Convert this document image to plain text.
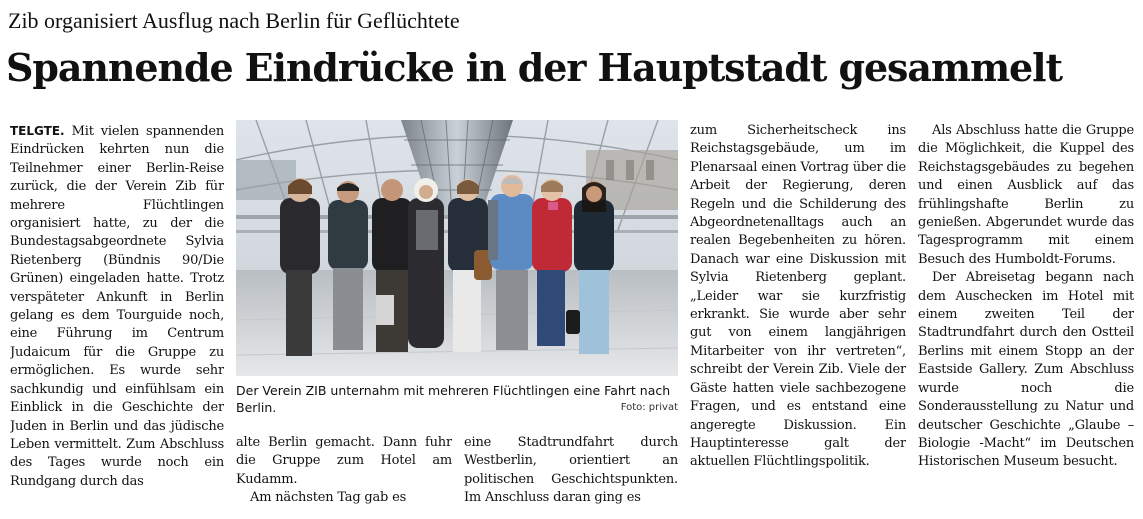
Zib organisiert Ausflug nach Berlin für Geflüchtete
Spannende Eindrücke in der Hauptstadt gesammelt

TELGTE. Mit vielen spannenden Eindrücken kehrten nun die Teilnehmer einer Berlin-Reise zurück, die der Verein Zib für mehrere Flüchtlingen organisiert hatte, zu der die Bundestagsabgeordnete Sylvia Rietenberg (Bündnis 90/Die Grünen) eingeladen hatte. Trotz verspäteter Ankunft in Berlin gelang es dem Tourguide noch, eine Führung im Centrum Judaicum für die Gruppe zu ermöglichen. Es wurde sehr sachkundig und einfühlsam ein Einblick in die Geschichte der Juden in Berlin und das jüdische Leben vermittelt. Zum Abschluss des Tages wurde noch ein Rundgang durch das

Der Verein ZIB unternahm mit mehreren Flüchtlingen eine Fahrt nach Berlin.	Foto: privat

alte Berlin gemacht. Dann fuhr die Gruppe zum Hotel am Kudamm.

Am nächsten Tag gab es

eine Stadtrundfahrt durch Westberlin, orientiert an politischen Geschichtspunkten. Im Anschluss daran ging es

zum Sicherheitscheck ins Reichstagsgebäude, um im Plenarsaal einen Vortrag über die Arbeit der Regierung, deren Regeln und die Schilderung des Abgeordnetenalltags auch an realen Begebenheiten zu hören. Danach war eine Diskussion mit Sylvia Rietenberg geplant. „Leider war sie kurzfristig erkrankt. Sie wurde aber sehr gut von einem langjährigen Mitarbeiter von ihr vertreten“, schreibt der Verein Zib. Viele der Gäste hatten viele sachbezogene Fragen, und es entstand eine angeregte Diskussion. Ein Hauptinteresse galt der aktuellen Flüchtlingspolitik.

Als Abschluss hatte die Gruppe die Möglichkeit, die Kuppel des Reichstagsgebäudes zu begehen und einen Ausblick auf das frühlingshafte Berlin zu genießen. Abgerundet wurde das Tagesprogramm mit einem Besuch des Humboldt-Forums.

Der Abreisetag begann nach dem Auschecken im Hotel mit einem zweiten Teil der Stadtrundfahrt durch den Ostteil Berlins mit einem Stopp an der Eastside Gallery. Zum Abschluss wurde noch die Sonderausstellung zu Natur und deutscher Geschichte „Glaube – Biologie -Macht“ im Deutschen Historischen Museum besucht.
